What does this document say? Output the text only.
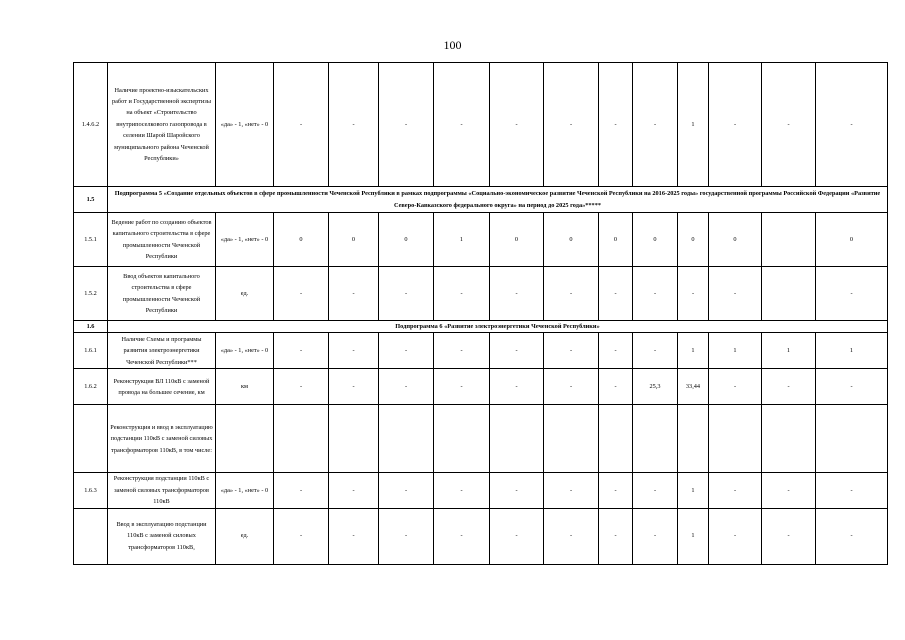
100
1.4.6.2	Наличие проектно-изыскательских работ и Государственной экспертизы на объект «Строительство внутрипоселкового газопровода в селении Шарой Шаройского муниципального района Чеченской Республики»	«да» - 1, «нет» - 0	-	-	-	-	-	-	-	-	1	-	-	-
1.5	Подпрограмма 5 «Создание отдельных объектов в сфере промышленности Чеченской Республики в рамках подпрограммы «Социально-экономическое развитие Чеченской Республики на 2016-2025 годы» государственной программы Российской Федерации «Развитие Северо-Кавказского федерального округа» на период до 2025 года»*****													
1.5.1	Ведение работ по созданию объектов капитального строительства в сфере промышленности Чеченской Республики	«да» - 1, «нет» - 0	0	0	0	1	0	0	0	0	0	0		0
1.5.2	Ввод объектов капитального строительства в сфере промышленности Чеченской Республики	ед.	-	-	-	-	-	-	-	-	-	-		-
1.6	Подпрограмма 6 «Развитие электроэнергетики Чеченской Республики»													
1.6.1	Наличие Схемы и программы развития электроэнергетики Чеченской Республики***	«да» - 1, «нет» - 0	-	-	-	-	-	-	-	-	1	1	1	1
1.6.2	Реконструкция ВЛ 110кВ с заменой провода на большее сечение, км	км	-	-	-	-	-	-	-	25,3	33,44	-	-	-
	Реконструкция и ввод в эксплуатацию подстанции 110кВ с заменой силовых трансформаторов 110кВ, в том числе:													
1.6.3	Реконструкция подстанции 110кВ с заменой силовых трансформаторов 110кВ	«да» - 1, «нет» - 0	-	-	-	-	-	-	-	-	1	-	-	-
	Ввод в эксплуатацию подстанции 110кВ с заменой силовых трансформаторов 110кВ,	ед.	-	-	-	-	-	-	-	-	1	-	-	-
